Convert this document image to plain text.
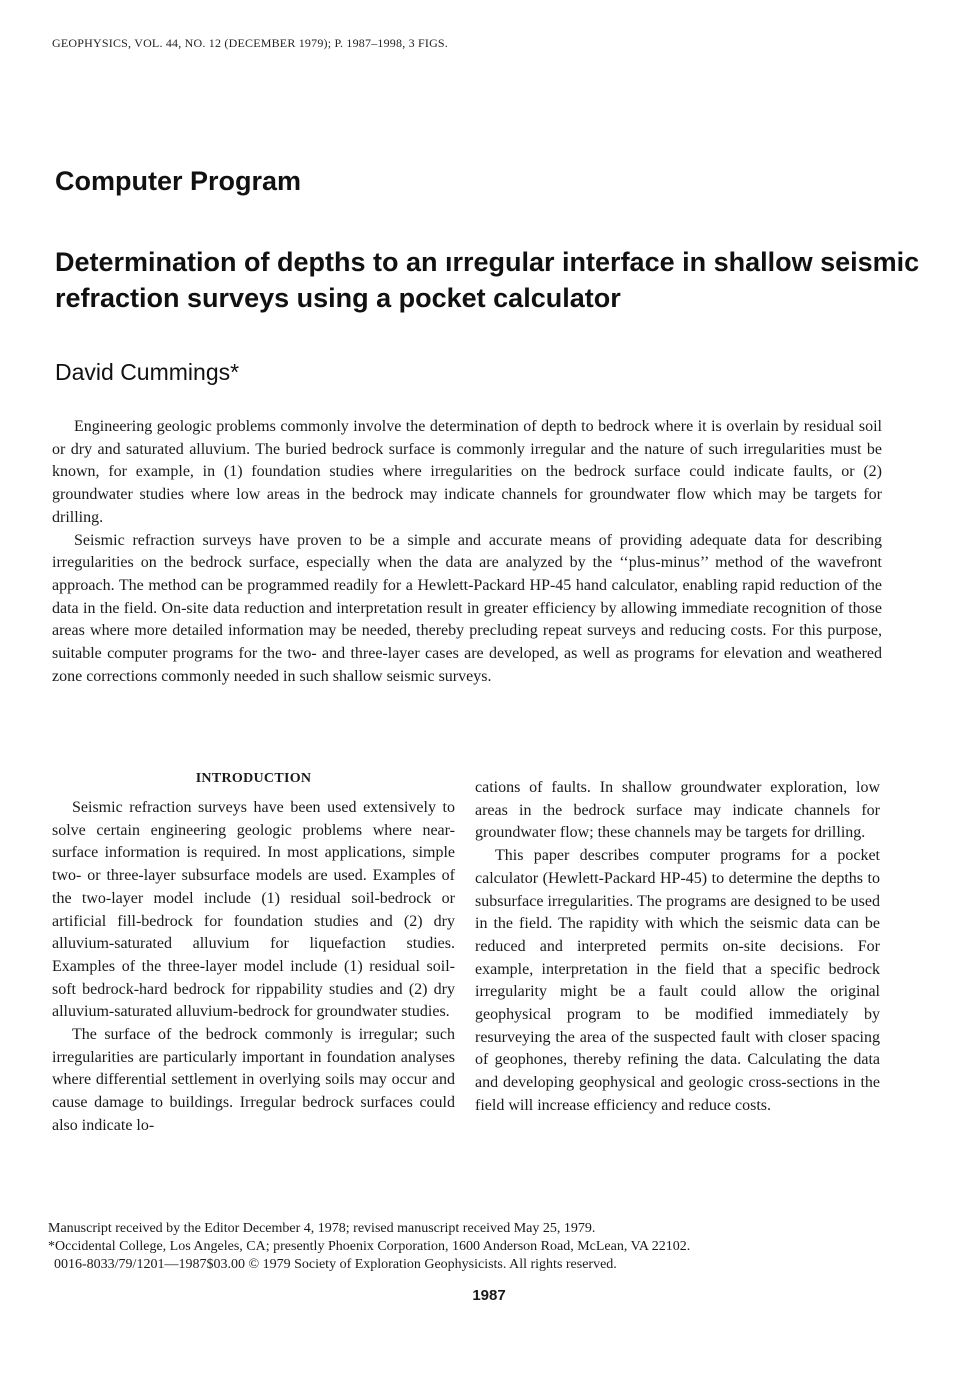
GEOPHYSICS, VOL. 44, NO. 12 (DECEMBER 1979); P. 1987–1998, 3 FIGS.
Computer Program
Determination of depths to an ırregular interface in shallow seismic refraction surveys using a pocket calculator
David Cummings*

Engineering geologic problems commonly involve the determination of depth to bedrock where it is overlain by residual soil or dry and saturated alluvium. The buried bedrock surface is commonly irregular and the nature of such irregularities must be known, for example, in (1) foundation studies where irregularities on the bedrock surface could indicate faults, or (2) groundwater studies where low areas in the bedrock may indicate channels for groundwater flow which may be targets for drilling.

Seismic refraction surveys have proven to be a simple and accurate means of providing adequate data for describing irregularities on the bedrock surface, especially when the data are analyzed by the ‘‘plus-minus’’ method of the wavefront approach. The method can be programmed readily for a Hewlett-Packard HP-45 hand calculator, enabling rapid reduction of the data in the field. On-site data reduction and interpretation result in greater efficiency by allowing immediate recognition of those areas where more detailed information may be needed, thereby precluding repeat surveys and reducing costs. For this purpose, suitable computer programs for the two- and three-layer cases are developed, as well as programs for elevation and weathered zone corrections commonly needed in such shallow seismic surveys.

INTRODUCTION

Seismic refraction surveys have been used extensively to solve certain engineering geologic problems where near-surface information is required. In most applications, simple two- or three-layer subsurface models are used. Examples of the two-layer model include (1) residual soil-bedrock or artificial fill-bedrock for foundation studies and (2) dry alluvium-saturated alluvium for liquefaction studies. Examples of the three-layer model include (1) residual soil-soft bedrock-hard bedrock for rippability studies and (2) dry alluvium-saturated alluvium-bedrock for groundwater studies.

The surface of the bedrock commonly is irregular; such irregularities are particularly important in foundation analyses where differential settlement in overlying soils may occur and cause damage to buildings. Irregular bedrock surfaces could also indicate lo-

cations of faults. In shallow groundwater exploration, low areas in the bedrock surface may indicate channels for groundwater flow; these channels may be targets for drilling.

This paper describes computer programs for a pocket calculator (Hewlett-Packard HP-45) to determine the depths to subsurface irregularities. The programs are designed to be used in the field. The rapidity with which the seismic data can be reduced and interpreted permits on-site decisions. For example, interpretation in the field that a specific bedrock irregularity might be a fault could allow the original geophysical program to be modified immediately by resurveying the area of the suspected fault with closer spacing of geophones, thereby refining the data. Calculating the data and developing geophysical and geologic cross-sections in the field will increase efficiency and reduce costs.

Manuscript received by the Editor December 4, 1978; revised manuscript received May 25, 1979.
*Occidental College, Los Angeles, CA; presently Phoenix Corporation, 1600 Anderson Road, McLean, VA 22102.
0016-8033/79/1201—1987$03.00 © 1979 Society of Exploration Geophysicists. All rights reserved.
1987
